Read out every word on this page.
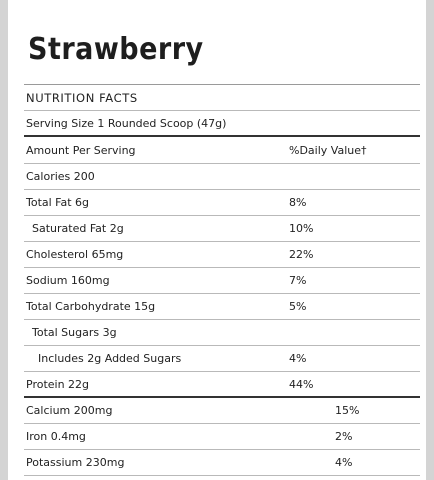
Strawberry
NUTRITION FACTS
Serving Size 1 Rounded Scoop (47g)
Amount Per Serving	%Daily Value†
Calories 200
Total Fat 6g	8%
Saturated Fat 2g	10%
Cholesterol 65mg	22%
Sodium 160mg	7%
Total Carbohydrate 15g	5%
Total Sugars 3g
Includes 2g Added Sugars	4%
Protein 22g	44%
Calcium 200mg	15%
Iron 0.4mg	2%
Potassium 230mg	4%
